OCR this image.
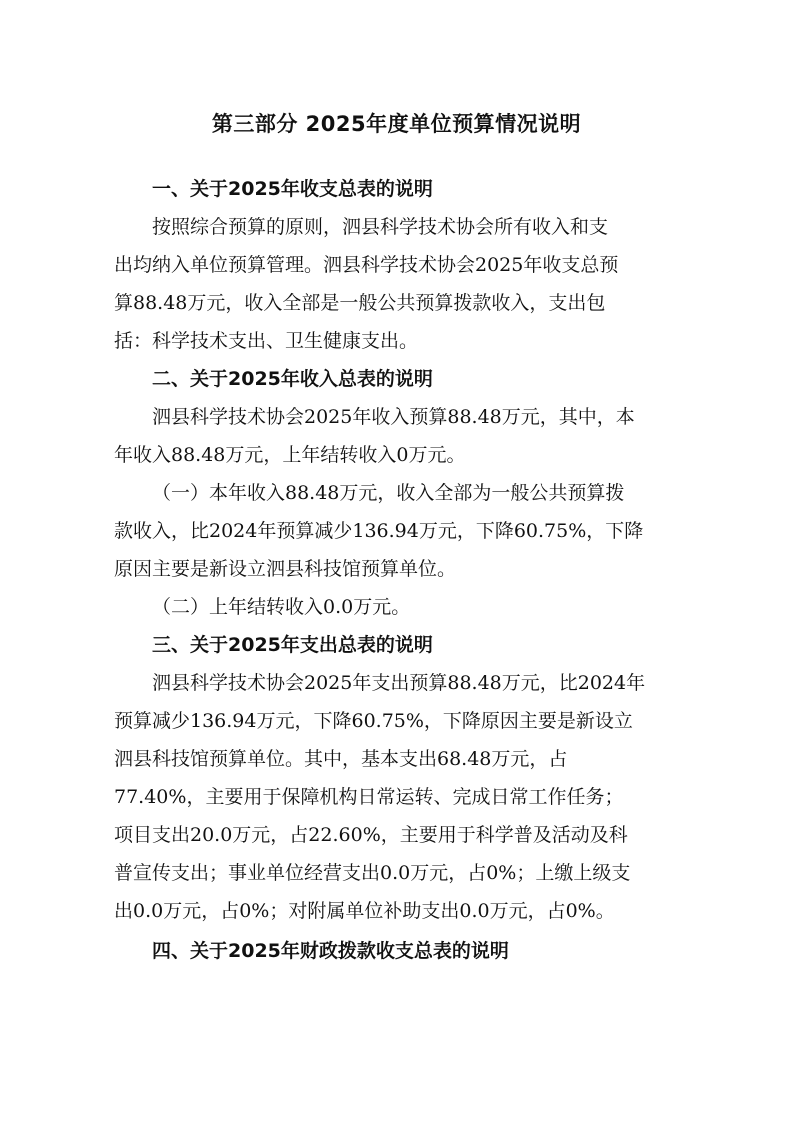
第三部分 2025年度单位预算情况说明

一、关于2025年收支总表的说明

按照综合预算的原则，泗县科学技术协会所有收入和支
出均纳入单位预算管理。泗县科学技术协会2025年收支总预
算88.48万元，收入全部是一般公共预算拨款收入，支出包
括：科学技术支出、卫生健康支出。

二、关于2025年收入总表的说明

泗县科学技术协会2025年收入预算88.48万元，其中，本
年收入88.48万元，上年结转收入0万元。

（一）本年收入88.48万元，收入全部为一般公共预算拨
款收入，比2024年预算减少136.94万元，下降60.75%，下降
原因主要是新设立泗县科技馆预算单位。

（二）上年结转收入0.0万元。

三、关于2025年支出总表的说明

泗县科学技术协会2025年支出预算88.48万元，比2024年
预算减少136.94万元，下降60.75%，下降原因主要是新设立
泗县科技馆预算单位。其中，基本支出68.48万元，占
77.40%，主要用于保障机构日常运转、完成日常工作任务；
项目支出20.0万元，占22.60%，主要用于科学普及活动及科
普宣传支出；事业单位经营支出0.0万元，占0%；上缴上级支
出0.0万元，占0%；对附属单位补助支出0.0万元，占0%。

四、关于2025年财政拨款收支总表的说明
